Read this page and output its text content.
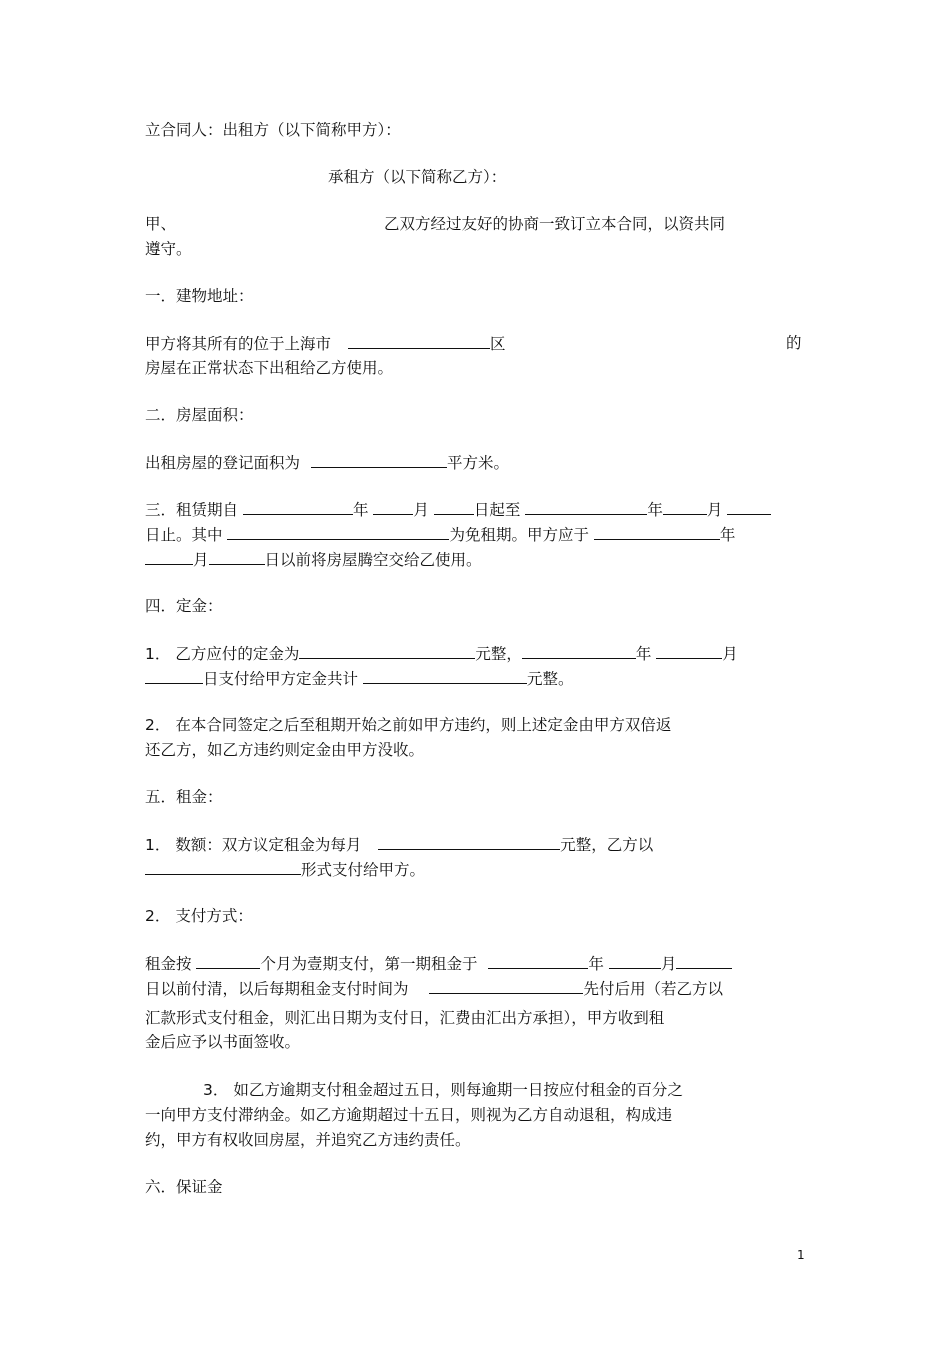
立合同人：出租方（以下简称甲方）：
承租方（以下简称乙方）：
甲、	乙双方经过友好的协商一致订立本合同，以资共同
遵守。
一．建物地址：
甲方将其所有的位于上海市	区	的
房屋在正常状态下出租给乙方使用。
二．房屋面积：
出租房屋的登记面积为	平方米。
三．租赁期自	年	月	日起至	年	月
日止。其中	为免租期。甲方应于	年
月	日以前将房屋腾空交给乙使用。
四．定金：
1． 乙方应付的定金为	元整，	年	月
日支付给甲方定金共计	元整。
2． 在本合同签定之后至租期开始之前如甲方违约，则上述定金由甲方双倍返
还乙方，如乙方违约则定金由甲方没收。
五．租金：
1． 数额：双方议定租金为每月	元整，乙方以
形式支付给甲方。
2． 支付方式：
租金按	个月为壹期支付，第一期租金于	年	月
日以前付清，以后每期租金支付时间为	先付后用（若乙方以
汇款形式支付租金，则汇出日期为支付日，汇费由汇出方承担），甲方收到租
金后应予以书面签收。
3． 如乙方逾期支付租金超过五日，则每逾期一日按应付租金的百分之
一向甲方支付滞纳金。如乙方逾期超过十五日，则视为乙方自动退租，构成违
约，甲方有权收回房屋，并追究乙方违约责任。
六．保证金
1
